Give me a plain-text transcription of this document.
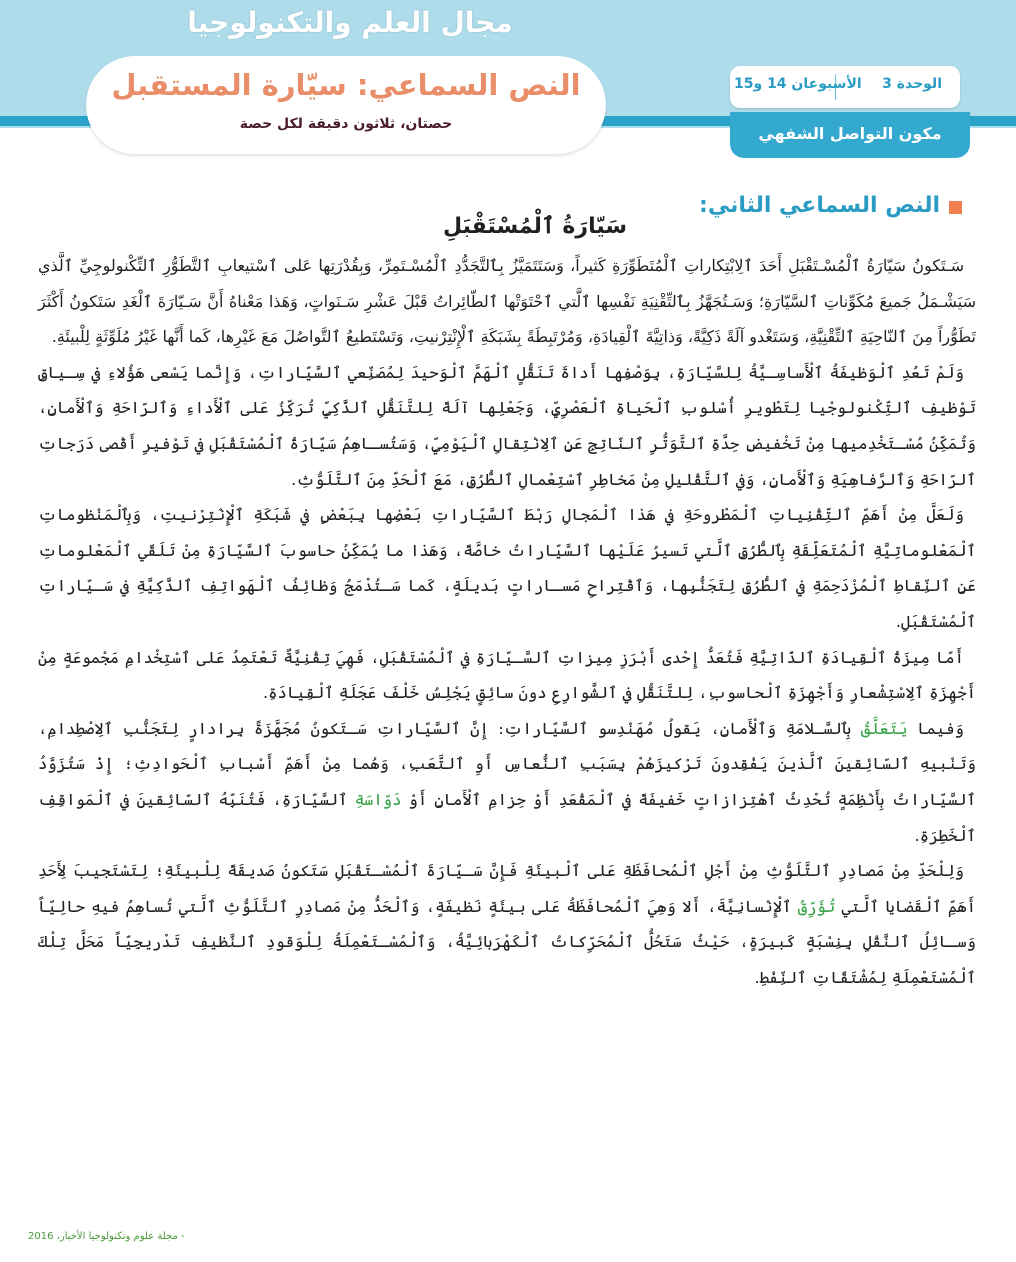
مجال العلم والتكنولوجيا
النص السماعي: سيّارة المستقبل
حصتان، ثلاثون دقيقة لكل حصة
الوحدة 3
الأسبوعان 14 و15
مكون التواصل الشفهي
النص السماعي الثاني:
سَيّارَةُ ٱلْمُسْتَقْبَلِ

سَـتَكونُ سَيّارَةُ ٱلْمُسْـتَقْبَلِ أَحَدَ ٱلِابْتِكاراتِ ٱلْمُتَطَوِّرَةِ كَثيراً، وَسَتَتَمَيَّزُ بِٱلتَّجَدُّدِ ٱلْمُسْـتَمِرِّ، وَبِقُدْرَتِها عَلى ٱسْتيعابِ ٱلتَّطَوُّرِ ٱلتِّكْنولوجِيِّ ٱلَّذي سَيَشْـمَلُ جَميعَ مُكَوِّناتِ ٱلسَّيّارَةِ؛ وَسَـتُجَهَّزُ بِٱلتِّقْنِيَةِ نَفْسِها ٱلَّتي ٱحْتَوَتْها ٱلطّائِراتُ قَبْلَ عَشْرِ سَـنَواتٍ، وَهَذا مَعْناهُ أَنَّ سَـيّارَةَ ٱلْغَدِ سَتَكونُ أَكْثَرَ تَطَوُّراً مِنَ ٱلنّاحِيَةِ ٱلتِّقْنِيَّةِ، وَسَتَغْدو آلَةً ذَكِيَّةً، وَذاتِيَّةَ ٱلْقِيادَةِ، وَمُرْتَبِطَةً بِشَبَكَةِ ٱلْإِنْتِرْنيتِ، وَتَسْتَطيعُ ٱلتَّواصُلَ مَعَ غَيْرِها، كَما أَنَّها غَيْرُ مُلَوِّثَةٍ لِلْبيئَةِ.

وَلَمْ تَعُدِ ٱلْوَظيفَةُ ٱلْأَساسِـيَّةُ لِلسَّيّارَةِ، بِوَصْفِها أَداةَ تَنَقُّلٍ ٱلْهَمَّ ٱلْوَحيدَ لِمُصَنِّعي ٱلسَّيّاراتِ، وَإِنَّما يَسْعى هَؤُلاءِ في سِـياقِ تَوْظيفِ ٱلتِّكْنولوجْيا لِتَطْويرِ أُسْلوبِ ٱلْحَياةِ ٱلْعَصْرِيِّ، وَجَعْلِها آلَةً لِلتَّنَقُّلِ ٱلذَّكِيِّ تُرَكِّزُ عَلى ٱلْأَداءِ وَٱلرّاحَةِ وَٱلْأَمانِ، وَتُمَكِّنُ مُسْـتَخْدِميها مِنْ تَخْفيضِ حِدَّةِ ٱلتَّوَتُّرِ ٱلنّاتِجِ عَنِ ٱلِانْتِقالِ ٱلْيَوْمِيِّ، وَسَتُسـاهِمُ سَيّارَةُ ٱلْمُسْتَقْبَلِ في تَوْفيرِ أَقْصى دَرَجاتِ ٱلرّاحَةِ وَٱلرَّفاهِيَةِ وَٱلْأَمانِ، وَفي ٱلتَّقْليلِ مِنْ مَخاطِرِ ٱسْتِعْمالِ ٱلطُّرُقِ، مَعَ ٱلْحَدِّ مِنَ ٱلتَّلَوُّثِ.

وَلَعَلَّ مِنْ أَهَمِّ ٱلتِّقْنِياتِ ٱلْمَطْروحَةِ في هَذا ٱلْمَجالِ رَبْطَ ٱلسَّيّاراتِ بَعْضِها بِبَعْضٍ في شَبَكَةِ ٱلْإِنْتِرْنيتِ، وَبِٱلْمَنْظوماتِ ٱلْمَعْلوماتِيَّةِ ٱلْمُتَعَلِّقَةِ بِٱلطُّرُقِ ٱلَّتي تَسيرُ عَلَيْها ٱلسَّيّاراتُ خاصَّةً، وَهَذا ما يُمَكِّنُ حاسوبَ ٱلسَّيّارَةِ مِنْ تَلَقّي ٱلْمَعْلوماتِ عَنِ ٱلنِّقاطِ ٱلْمُزْدَحِمَةِ في ٱلطُّرُقِ لِتَجَنُّبِها، وَٱقْتِراحِ مَسـاراتٍ بَديلَةٍ، كَما سَـتُدْمَجُ وَظائِفُ ٱلْهَواتِفِ ٱلذَّكِيَّةِ في سَـيّاراتِ ٱلْمُسْتَقْبَلِ.

أَمّا مِيزَةُ ٱلْقِيادَةِ ٱلذّاتِيَّةِ فَتُعَدُّ إِحْدى أَبْرَزِ مِيزاتِ ٱلسَّـيّارَةِ في ٱلْمُسْتَقْبَلِ، فَهِيَ تِقْنِيَّةٌ تَعْتَمِدُ عَلى ٱسْتِخْدامِ مَجْموعَةٍ مِنْ أَجْهِزَةِ ٱلِاسْتِشْعارِ وَأَجْهِزَةِ ٱلْحاسوبِ، لِلتَّنَقُّلِ في ٱلشَّوارِعِ دونَ سائِقٍ يَجْلِسُ خَلْفَ عَجَلَةِ ٱلْقِيادَةِ.

وَفيما يَتَعَلَّقُ بِٱلسَّـلامَةِ وَٱلْأَمانِ، يَقولُ مُهَنْدِسو ٱلسَّيّاراتِ: إِنَّ ٱلسَّيّاراتِ سَـتَكونُ مُجَهَّزَةً بِرادارٍ لِتَجَنُّبِ ٱلِاصْطِدامِ، وَتَنْبيهِ ٱلسّائِقينَ ٱلَّذينَ يَفْقِدونَ تَرْكيزَهُمْ بِسَبَبِ ٱلنُّعاسِ أَوِ ٱلتَّعَبِ، وَهُما مِنْ أَهَمِّ أَسْبابِ ٱلْحَوادِثِ؛ إِذْ سَتُزَوَّدُ ٱلسَّيّاراتُ بِأَنْظِمَةٍ تُحْدِثُ ٱهْتِزازاتٍ خَفيفَةً في ٱلْمَقْعَدِ أَوْ حِزامِ ٱلْأَمانِ أَوْ دَوّاسَةِ ٱلسَّيّارَةِ، فَتُنَبِّهُ ٱلسّائِقينَ في ٱلْمَواقِفِ ٱلْخَطِرَةِ.

وَلِلْحَدِّ مِنْ مَصادِرِ ٱلتَّلَوُّثِ مِنْ أَجْلِ ٱلْمُحافَظَةِ عَلى ٱلْبيئَةِ فَإِنَّ سَـيّارَةَ ٱلْمُسْـتَقْبَلِ سَتَكونُ صَديقَةً لِلْبيئَةِ؛ لِتَسْتَجيبَ لِأَحَدِ أَهَمِّ ٱلْقَضايا ٱلَّتي تُؤَرِّقُ ٱلْإِنْسانِيَّةَ، أَلا وَهِيَ ٱلْمُحافَظَةُ عَلى بيئَةٍ نَظيفَةٍ، وَٱلْحَدُّ مِنْ مَصادِرِ ٱلتَّلَوُّثِ ٱلَّتي تُساهِمُ فيهِ حالِيّاً وَسـائِلُ ٱلنَّقْلِ بِنِسْبَةٍ كَبيرَةٍ، حَيْثُ سَتَحُلُّ ٱلْمُحَرِّكاتُ ٱلْكَهْرَبائِيَّةُ، وَٱلْمُسْـتَعْمِلَةُ لِلْوَقودِ ٱلنَّظيفِ تَدْريجِيّاً مَحَلَّ تِلْكَ ٱلْمُسْتَعْمِلَةِ لِمُشْتَقّاتِ ٱلنِّفْطِ.

- مجلة علوم وتكنولوجيا الأخبار، 2016
